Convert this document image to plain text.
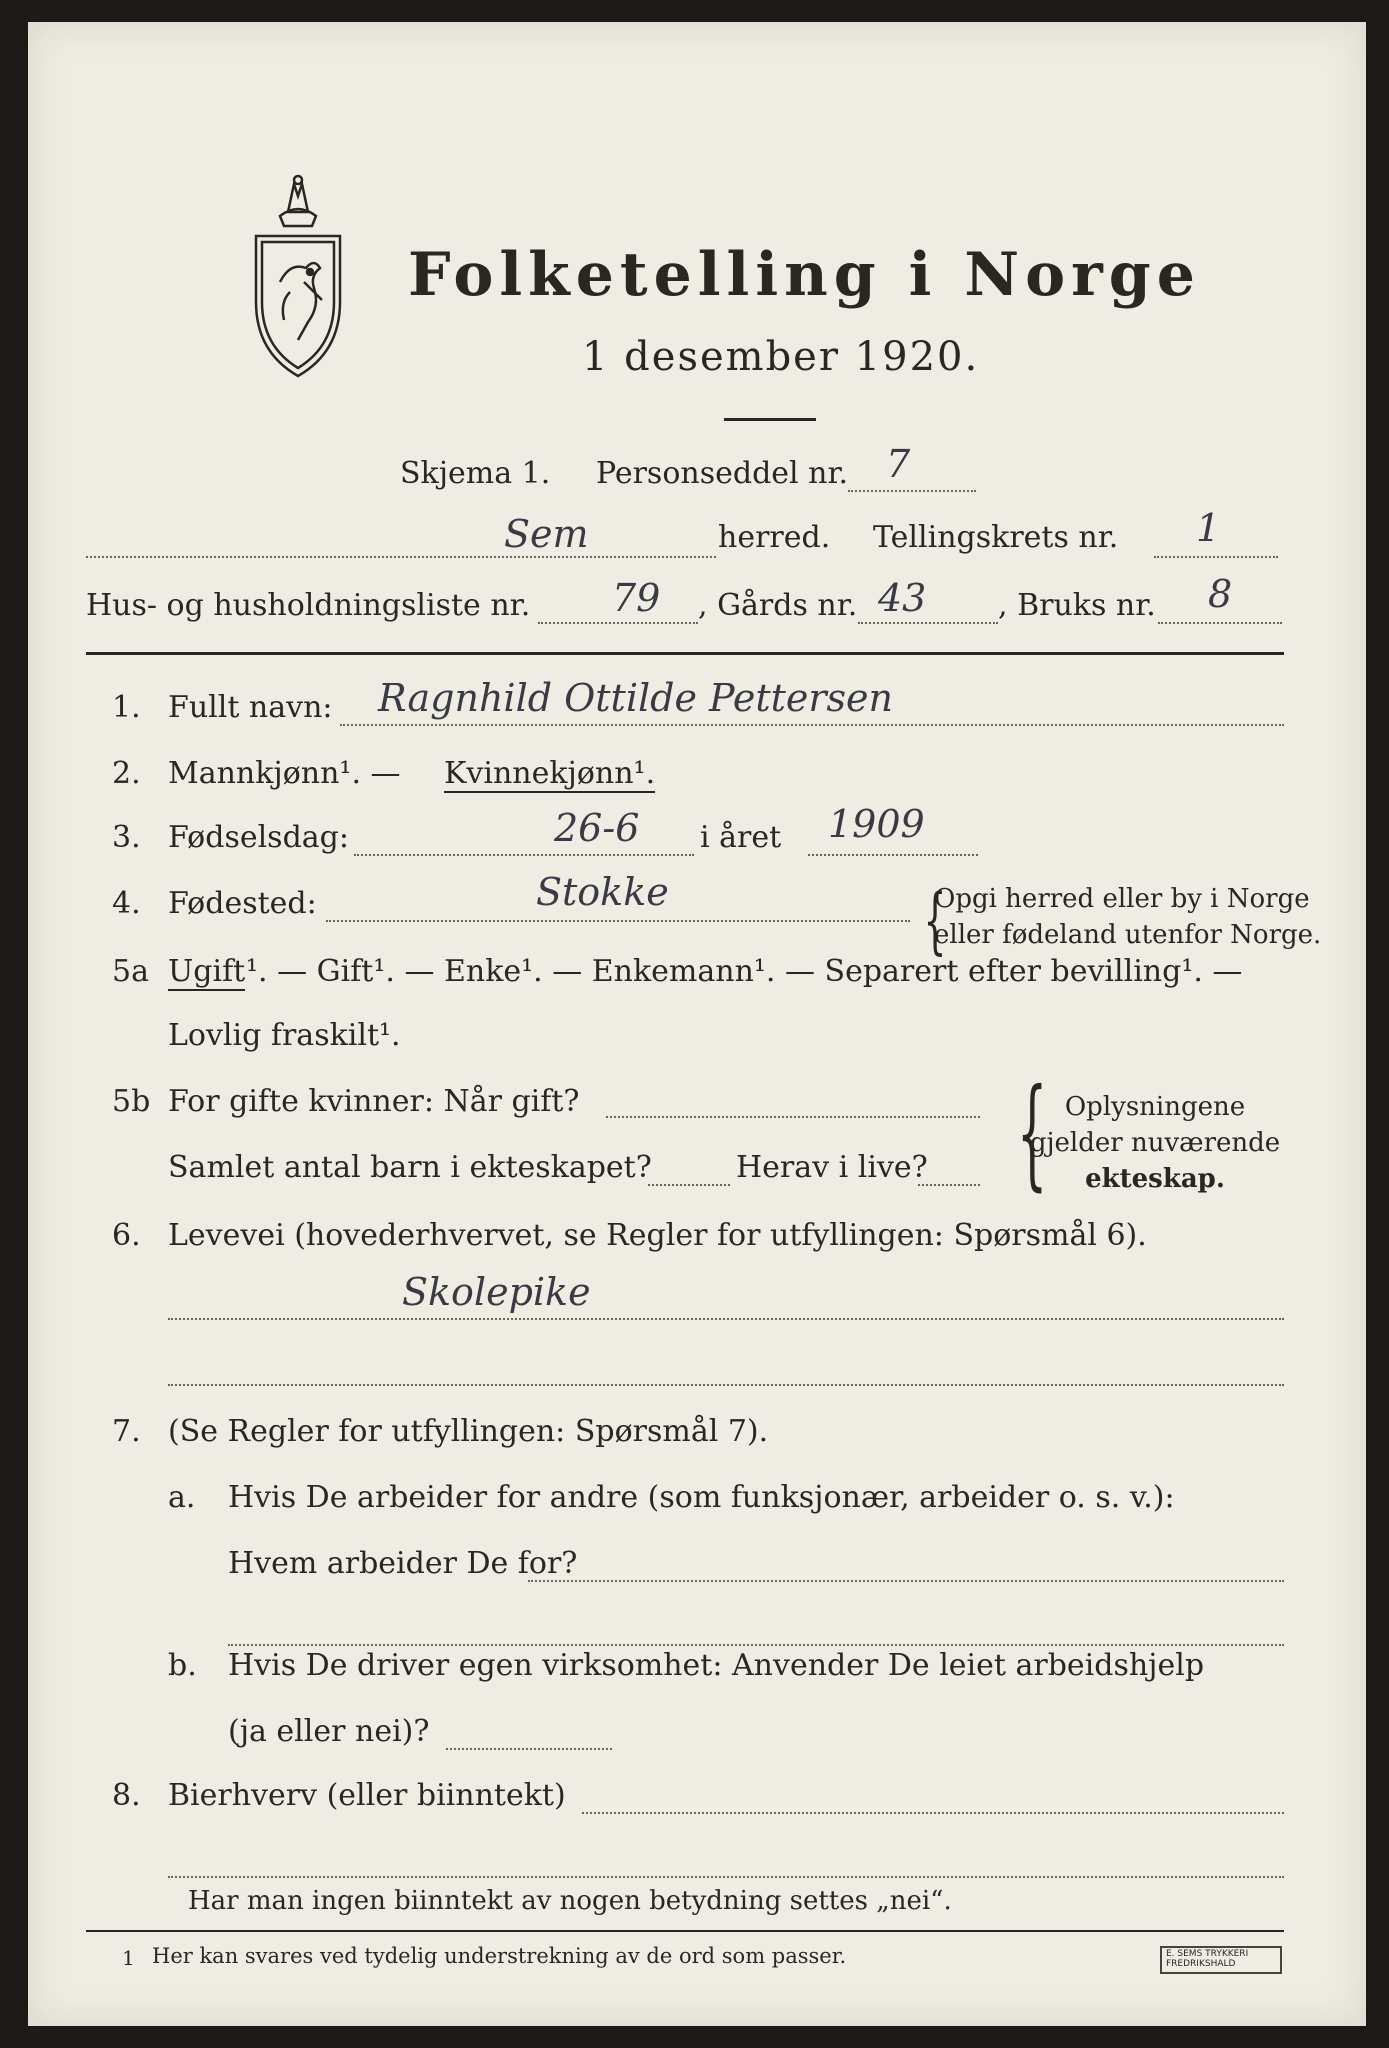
Folketelling i Norge
1 desember 1920.
Skjema 1. Personseddel nr. 7
Sem	herred. Tellingskrets nr. 1
Hus- og husholdningsliste nr. 79 , Gårds nr. 43 , Bruks nr. 8
1. Fullt navn: Ragnhild Ottilde Pettersen
2. Mannkjønn¹. — Kvinnekjønn¹.
3. Fødselsdag:	26-6 i året 1909
4. Fødested:	Stokke	{
Opgi herred eller by i Norge
eller fødeland utenfor Norge.
5a Ugift ¹. — Gift¹. — Enke¹. — Enkemann¹. — Separert efter bevilling¹. —
Lovlig fraskilt¹.
5b For gifte kvinner: Når gift?
Samlet antal barn i ekteskapet?	Herav i live? { Oplysningene
gjelder nuværende
ekteskap.
6. Levevei (hovederhvervet, se Regler for utfyllingen: Spørsmål 6).
Skolepike
7. (Se Regler for utfyllingen: Spørsmål 7).
a. Hvis De arbeider for andre (som funksjonær, arbeider o. s. v.):
Hvem arbeider De for?
b. Hvis De driver egen virksomhet: Anvender De leiet arbeidshjelp
(ja eller nei)?
8. Bierhverv (eller biinntekt)
Har man ingen biinntekt av nogen betydning settes „nei“.
1 Her kan svares ved tydelig understrekning av de ord som passer.	E. SEMS TRYKKERI FREDRIKSHALD
